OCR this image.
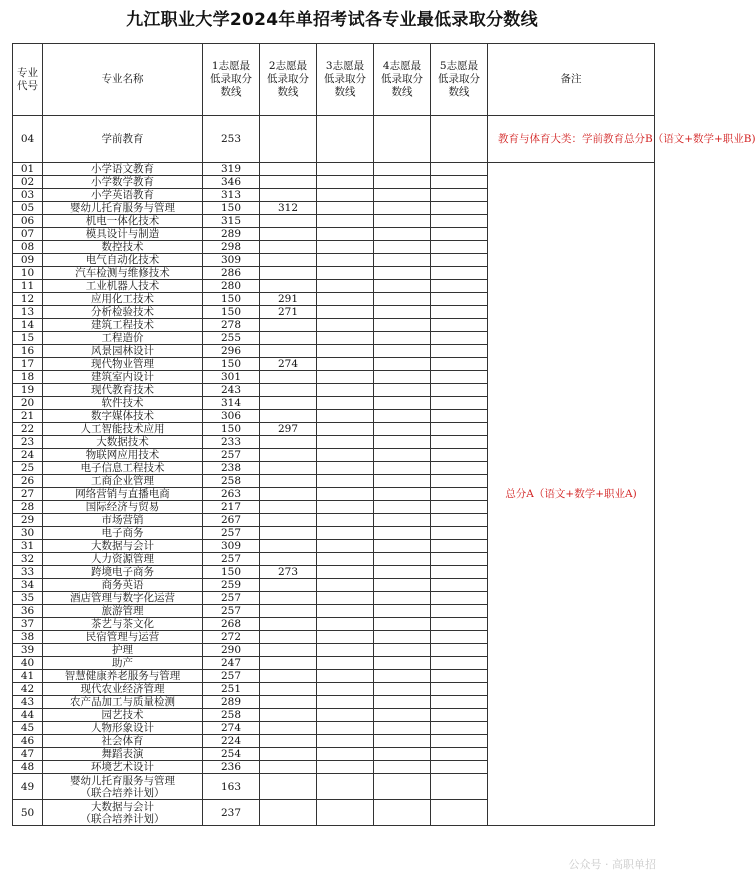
九江职业大学2024年单招考试各专业最低录取分数线
专业代号	专业名称	1志愿最低录取分数线	2志愿最低录取分数线	3志愿最低录取分数线	4志愿最低录取分数线	5志愿最低录取分数线	备注
04	学前教育	253					教育与体育大类：学前教育总分B（语文+数学+职业B)
01	小学语文教育	319					总分A（语文+数学+职业A)
02	小学数学教育	346					
03	小学英语教育	313					
05	婴幼儿托育服务与管理	150	312				
06	机电一体化技术	315					
07	模具设计与制造	289					
08	数控技术	298					
09	电气自动化技术	309					
10	汽车检测与维修技术	286					
11	工业机器人技术	280					
12	应用化工技术	150	291				
13	分析检验技术	150	271				
14	建筑工程技术	278					
15	工程造价	255					
16	风景园林设计	296					
17	现代物业管理	150	274				
18	建筑室内设计	301					
19	现代教育技术	243					
20	软件技术	314					
21	数字媒体技术	306					
22	人工智能技术应用	150	297				
23	大数据技术	233					
24	物联网应用技术	257					
25	电子信息工程技术	238					
26	工商企业管理	258					
27	网络营销与直播电商	263					
28	国际经济与贸易	217					
29	市场营销	267					
30	电子商务	257					
31	大数据与会计	309					
32	人力资源管理	257					
33	跨境电子商务	150	273				
34	商务英语	259					
35	酒店管理与数字化运营	257					
36	旅游管理	257					
37	茶艺与茶文化	268					
38	民宿管理与运营	272					
39	护理	290					
40	助产	247					
41	智慧健康养老服务与管理	257					
42	现代农业经济管理	251					
43	农产品加工与质量检测	289					
44	园艺技术	258					
45	人物形象设计	274					
46	社会体育	224					
47	舞蹈表演	254					
48	环境艺术设计	236					
49	婴幼儿托育服务与管理
（联合培养计划）	163					
50	大数据与会计
（联合培养计划）	237					
公众号 · 高职单招
